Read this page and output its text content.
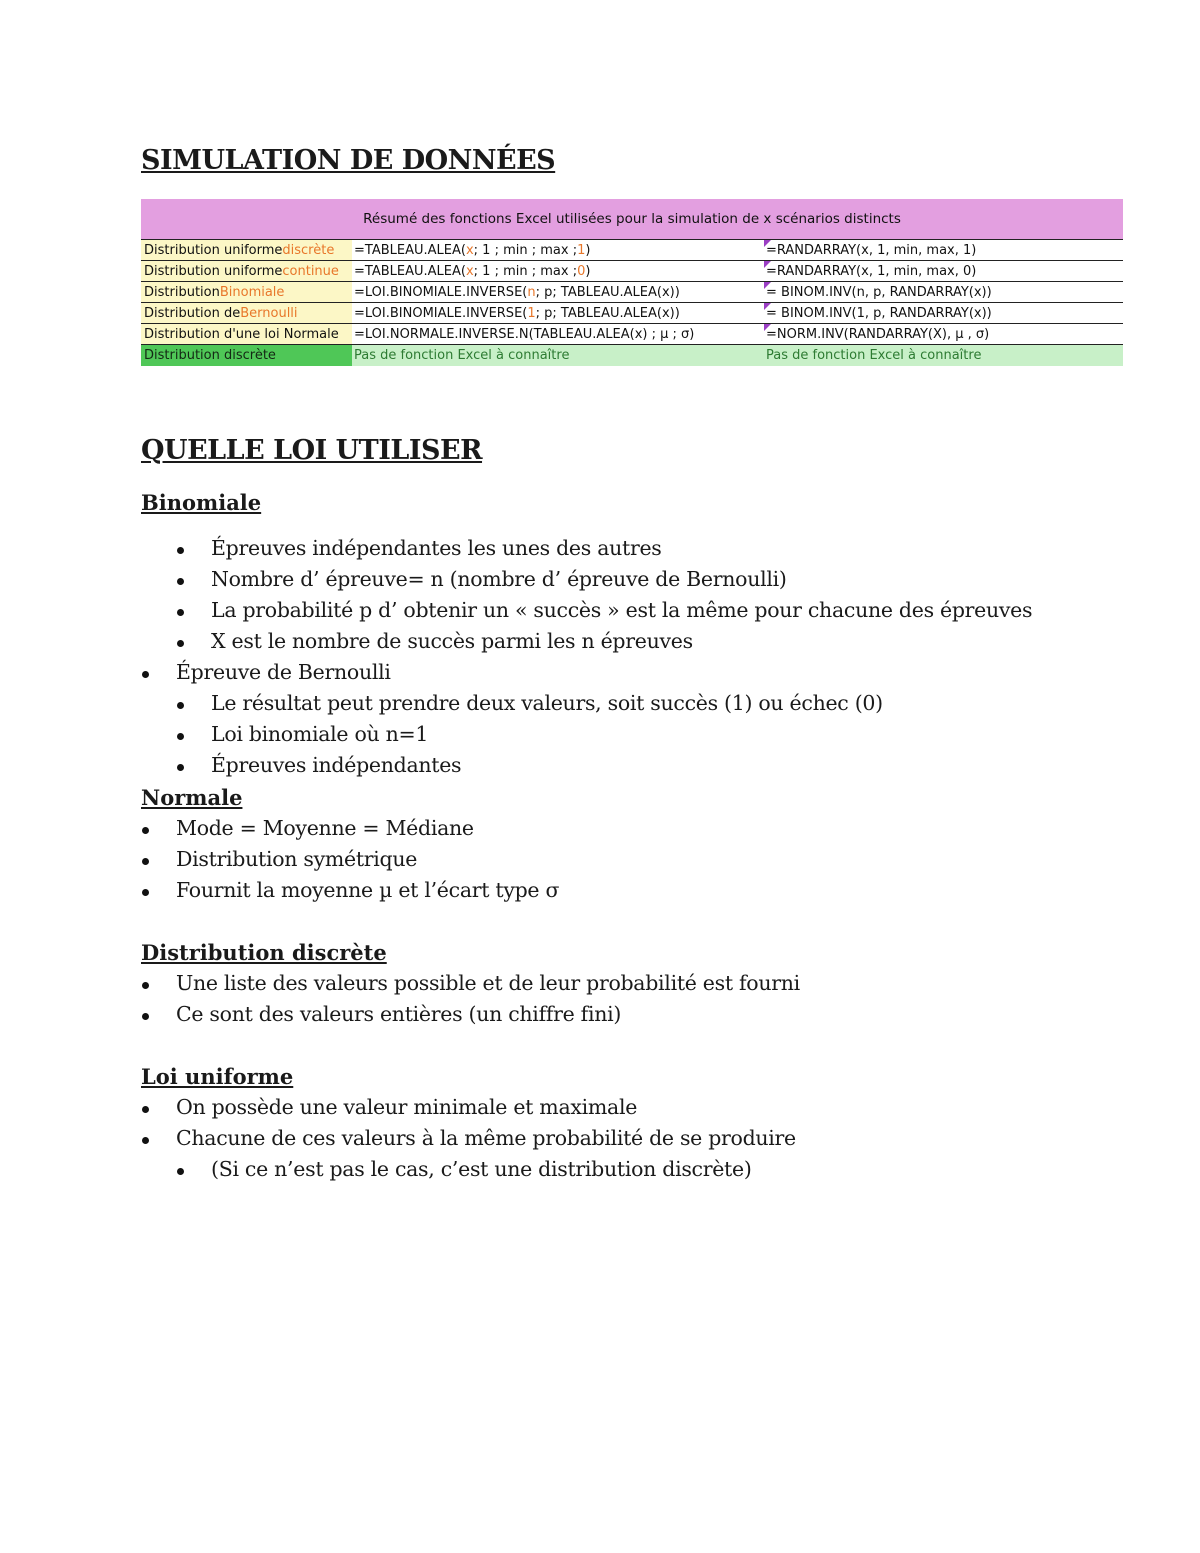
SIMULATION DE DONNÉES
Résumé des fonctions Excel utilisées pour la simulation de x scénarios distincts
Distribution uniforme discrète =TABLEAU.ALEA( x ; 1 ; min ; max ; 1 )	=RANDARRAY(x, 1, min, max, 1)
Distribution uniforme continue =TABLEAU.ALEA( x ; 1 ; min ; max ; 0 )	=RANDARRAY(x, 1, min, max, 0)
Distribution Binomiale	=LOI.BINOMIALE.INVERSE( n ; p; TABLEAU.ALEA(x))	= BINOM.INV(n, p, RANDARRAY(x))
Distribution de Bernoulli	=LOI.BINOMIALE.INVERSE( 1 ; p; TABLEAU.ALEA(x))	= BINOM.INV(1, p, RANDARRAY(x))
Distribution d'une loi Normale =LOI.NORMALE.INVERSE.N(TABLEAU.ALEA(x) ; µ ; σ)	=NORM.INV(RANDARRAY(X), µ , σ)
Distribution discrète	Pas de fonction Excel à connaître	Pas de fonction Excel à connaître
QUELLE LOI UTILISER
Binomiale
Épreuves indépendantes les unes des autres
Nombre d’ épreuve= n (nombre d’ épreuve de Bernoulli)
La probabilité p d’ obtenir un « succès » est la même pour chacune des épreuves
X est le nombre de succès parmi les n épreuves
Épreuve de Bernoulli
Le résultat peut prendre deux valeurs, soit succès (1) ou échec (0)
Loi binomiale où n=1
Épreuves indépendantes
Normale
Mode = Moyenne = Médiane
Distribution symétrique
Fournit la moyenne µ et l’écart type σ
Distribution discrète
Une liste des valeurs possible et de leur probabilité est fourni
Ce sont des valeurs entières (un chiffre fini)
Loi uniforme
On possède une valeur minimale et maximale
Chacune de ces valeurs à la même probabilité de se produire
(Si ce n’est pas le cas, c’est une distribution discrète)
